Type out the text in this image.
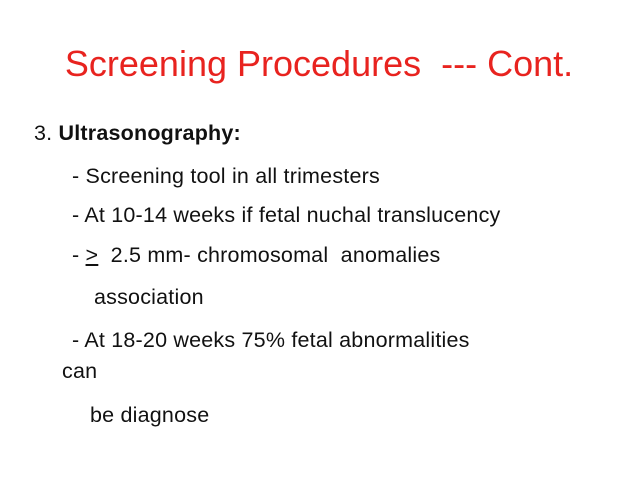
Screening Procedures  --- Cont.
3. Ultrasonography:
- Screening tool in all trimesters
- At 10-14 weeks if fetal nuchal translucency
- ≥  2.5 mm- chromosomal  anomalies
association
- At 18-20 weeks 75% fetal abnormalities
can
be diagnose
